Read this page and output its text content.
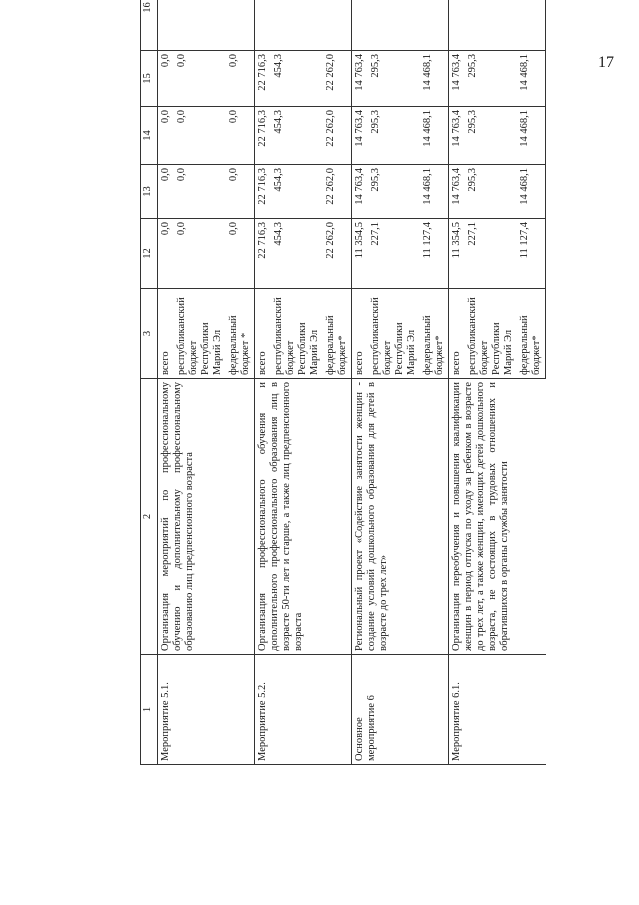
17
1	2	3	12	13	14	15	16
Мероприятие 5.1.	Организация мероприятий по профессиональному обучению и дополнительному профессиональному образованию лиц предпенсионного возраста	всего	0,0	0,0	0,0	0,0	
		республиканский бюджет Республики Марий Эл	0,0	0,0	0,0	0,0	
		федеральный бюджет *	0,0	0,0	0,0	0,0	
Мероприятие 5.2.	Организация профессионального обучения и дополнительного профессионального образования лиц в возрасте 50-ти лет и старше, а также лиц предпенсионного возраста	всего	22 716,3	22 716,3	22 716,3	22 716,3	
		республиканский бюджет Республики Марий Эл	454,3	454,3	454,3	454,3	
		федеральный бюджет*	22 262,0	22 262,0	22 262,0	22 262,0	
Основное мероприятие 6	Региональный проект «Содействие занятости женщин - создание условий дошкольного образования для детей в возрасте до трех лет»	всего	11 354,5	14 763,4	14 763,4	14 763,4	
		республиканский бюджет Республики Марий Эл	227,1	295,3	295,3	295,3	
		федеральный бюджет*	11 127,4	14 468,1	14 468,1	14 468,1	
Мероприятие 6.1.	Организация переобучения и повышения квалификации женщин в период отпуска по уходу за ребенком в возрасте до трех лет, а также женщин, имеющих детей дошкольного возраста, не состоящих в трудовых отношениях и обратившихся в органы службы занятости	всего	11 354,5	14 763,4	14 763,4	14 763,4	
		республиканский бюджет Республики Марий Эл	227,1	295,3	295,3	295,3	
		федеральный бюджет*	11 127,4	14 468,1	14 468,1	14 468,1	
